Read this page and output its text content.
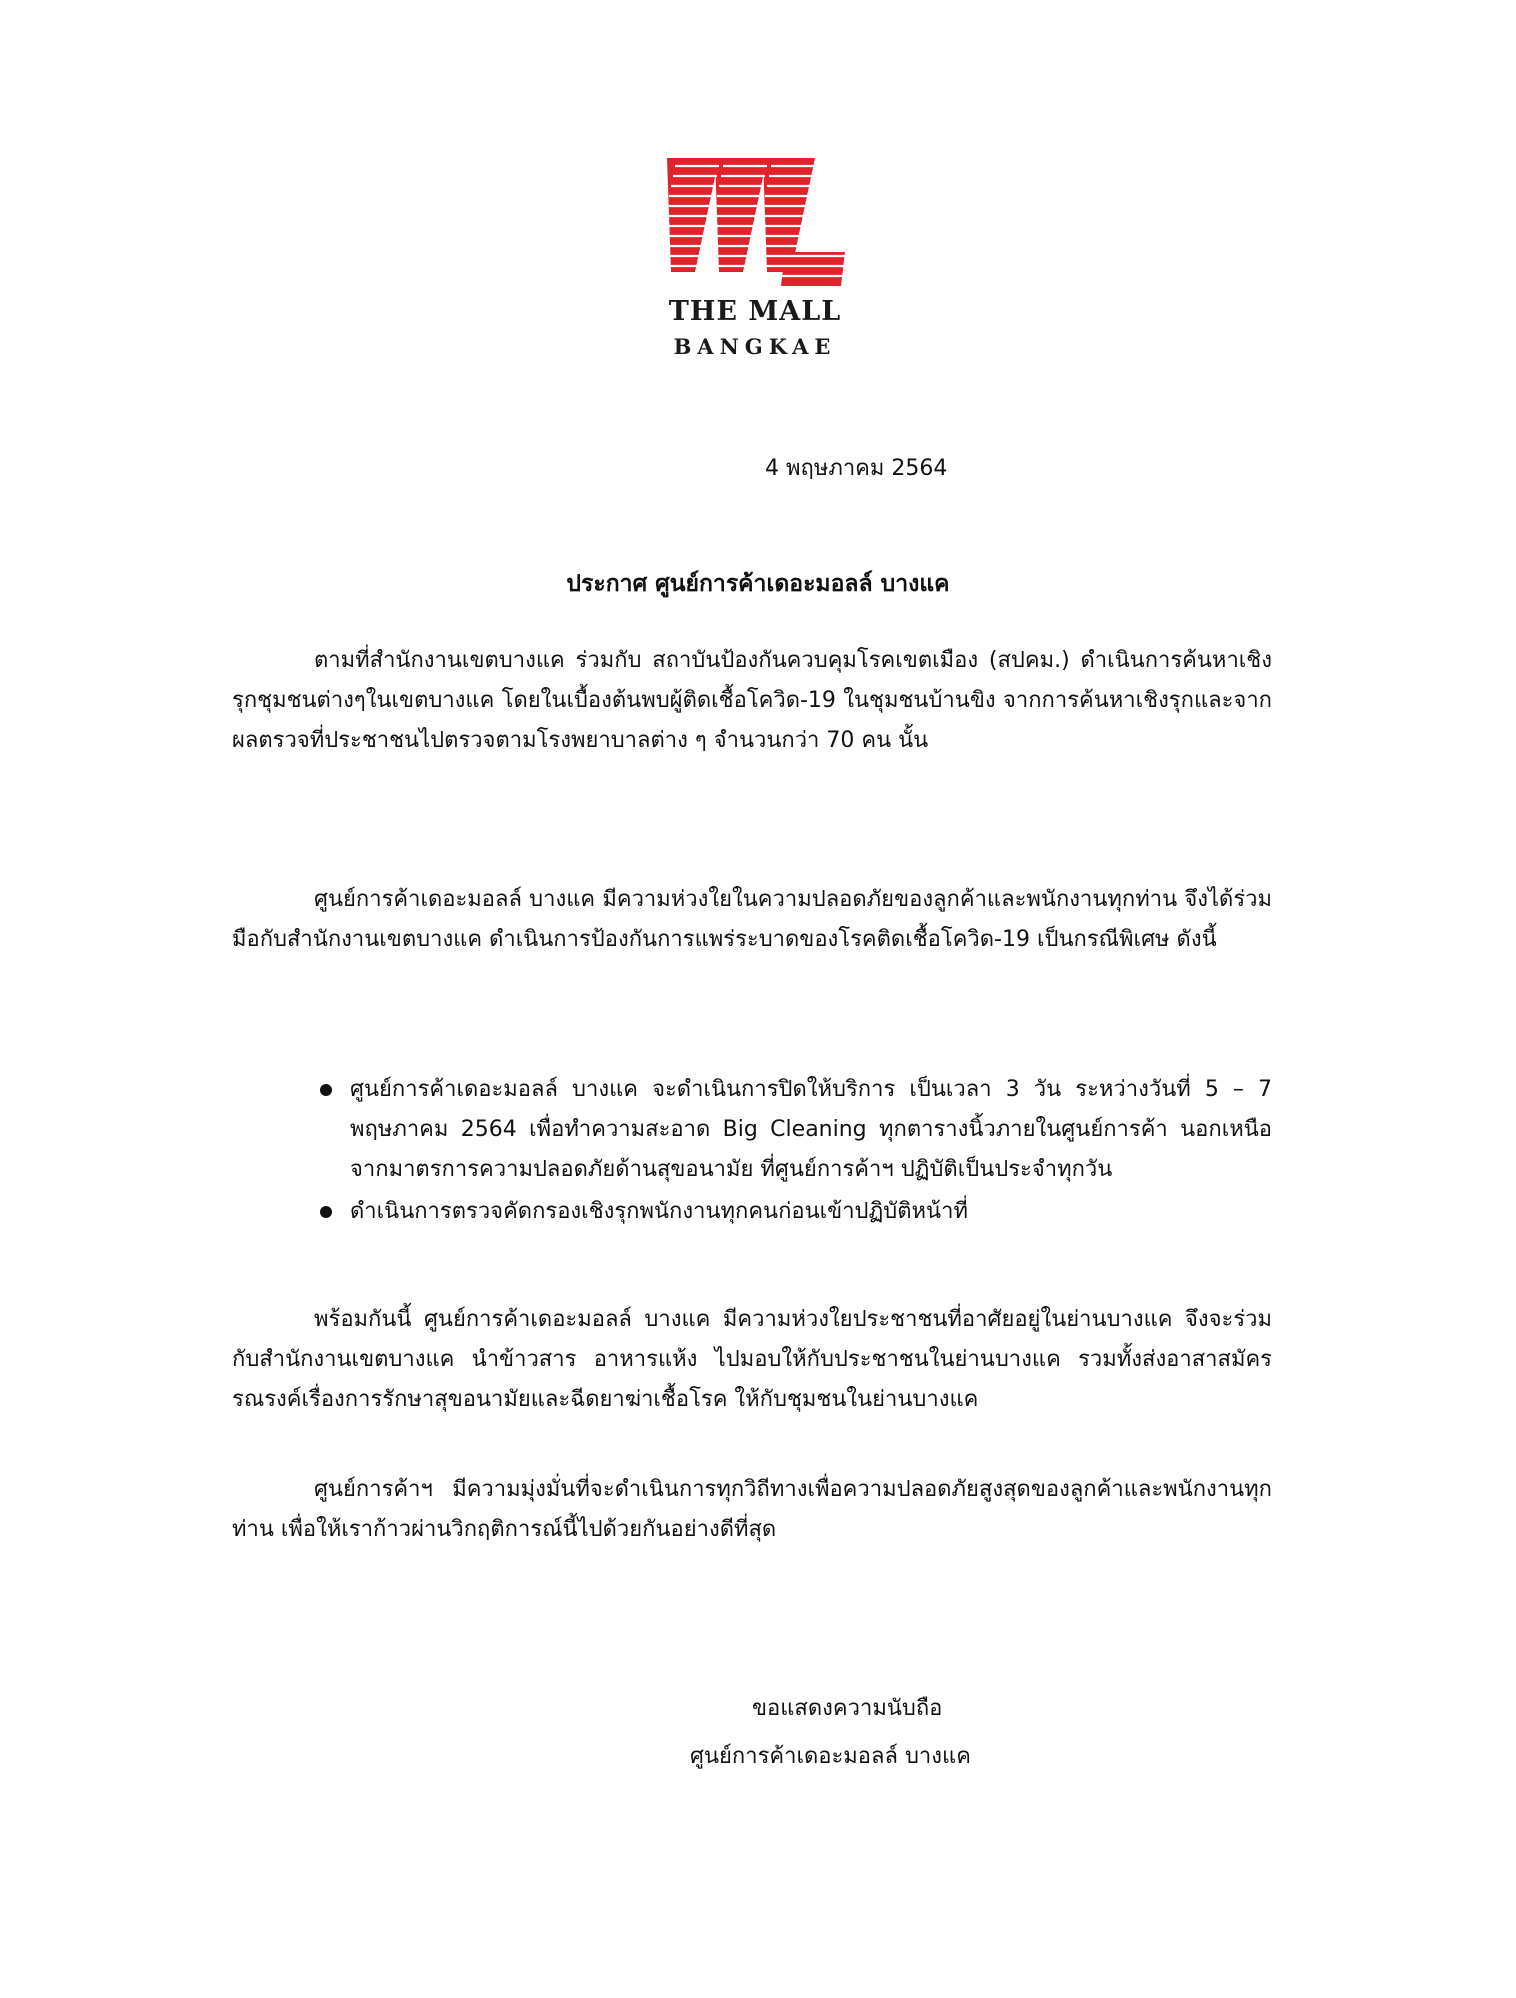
THE MALL
BANGKAE
4 พฤษภาคม 2564
ประกาศ ศูนย์การค้าเดอะมอลล์ บางแค

ตามที่สำนักงานเขตบางแค ร่วมกับ สถาบันป้องกันควบคุมโรคเขตเมือง (สปคม.) ดำเนินการค้นหาเชิงรุกชุมชนต่างๆในเขตบางแค โดยในเบื้องต้นพบผู้ติดเชื้อโควิด-19 ในชุมชนบ้านขิง จากการค้นหาเชิงรุกและจากผลตรวจที่ประชาชนไปตรวจตามโรงพยาบาลต่าง ๆ จำนวนกว่า 70 คน นั้น

ศูนย์การค้าเดอะมอลล์ บางแค มีความห่วงใยในความปลอดภัยของลูกค้าและพนักงานทุกท่าน จึงได้ร่วมมือกับสำนักงานเขตบางแค ดำเนินการป้องกันการแพร่ระบาดของโรคติดเชื้อโควิด-19 เป็นกรณีพิเศษ ดังนี้

ศูนย์การค้าเดอะมอลล์ บางแค จะดำเนินการปิดให้บริการ เป็นเวลา 3 วัน ระหว่างวันที่ 5 – 7 พฤษภาคม 2564 เพื่อทำความสะอาด Big Cleaning ทุกตารางนิ้วภายในศูนย์การค้า นอกเหนือจากมาตรการความปลอดภัยด้านสุขอนามัย ที่ศูนย์การค้าฯ ปฏิบัติเป็นประจำทุกวัน
ดำเนินการตรวจคัดกรองเชิงรุกพนักงานทุกคนก่อนเข้าปฏิบัติหน้าที่

พร้อมกันนี้ ศูนย์การค้าเดอะมอลล์ บางแค มีความห่วงใยประชาชนที่อาศัยอยู่ในย่านบางแค จึงจะร่วมกับสำนักงานเขตบางแค นำข้าวสาร อาหารแห้ง ไปมอบให้กับประชาชนในย่านบางแค รวมทั้งส่งอาสาสมัครรณรงค์เรื่องการรักษาสุขอนามัยและฉีดยาฆ่าเชื้อโรค ให้กับชุมชนในย่านบางแค

ศูนย์การค้าฯ มีความมุ่งมั่นที่จะดำเนินการทุกวิถีทางเพื่อความปลอดภัยสูงสุดของลูกค้าและพนักงานทุกท่าน เพื่อให้เราก้าวผ่านวิกฤติการณ์นี้ไปด้วยกันอย่างดีที่สุด

ขอแสดงความนับถือ
ศูนย์การค้าเดอะมอลล์ บางแค
